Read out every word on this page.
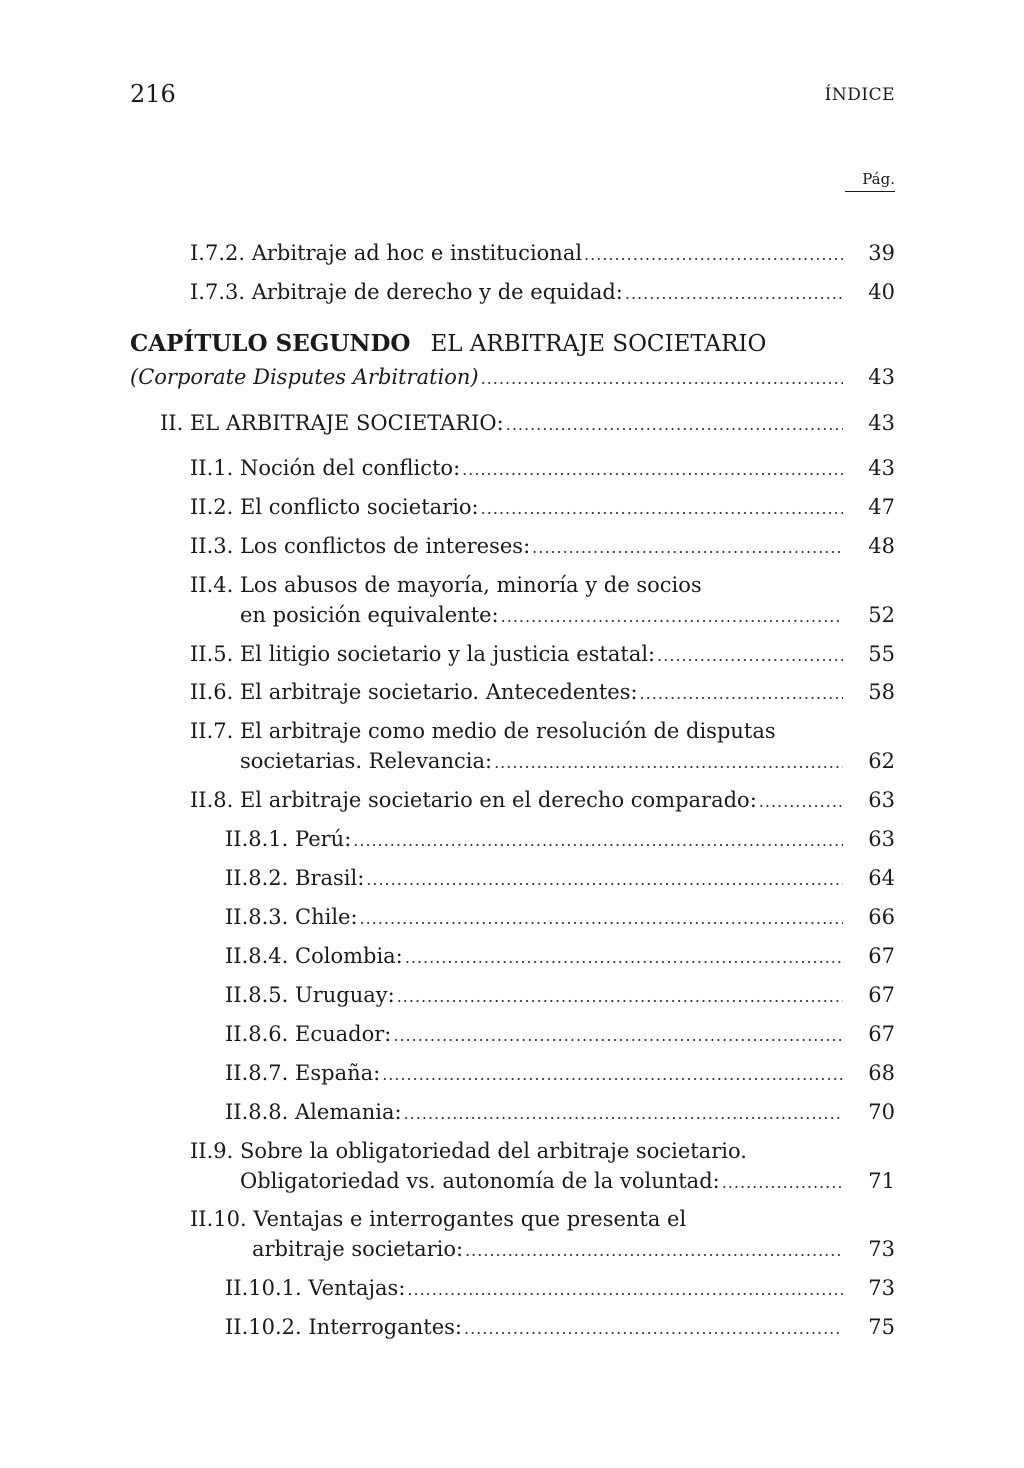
216	ÍNDICE
Pág.
I.7.2. Arbitraje ad hoc e institucional .....	39
I.7.3. Arbitraje de derecho y de equidad: .....	40
CAPÍTULO SEGUNDO EL ARBITRAJE SOCIETARIO
(Corporate Disputes Arbitration) .....	43
II. EL ARBITRAJE SOCIETARIO: .....	43
II.1. Noción del conflicto: .....	43
II.2. El conflicto societario: .....	47
II.3. Los conflictos de intereses: .....	48
II.4. Los abusos de mayoría, minoría y de socios
en posición equivalente: .....	52
II.5. El litigio societario y la justicia estatal: .....	55
II.6. El arbitraje societario. Antecedentes: .....	58
II.7. El arbitraje como medio de resolución de disputas
societarias. Relevancia: .....	62
II.8. El arbitraje societario en el derecho comparado: .....	63
II.8.1. Perú: .....	63
II.8.2. Brasil: .....	64
II.8.3. Chile: .....	66
II.8.4. Colombia: .....	67
II.8.5. Uruguay: .....	67
II.8.6. Ecuador: .....	67
II.8.7. España: .....	68
II.8.8. Alemania: .....	70
II.9. Sobre la obligatoriedad del arbitraje societario.
Obligatoriedad vs. autonomía de la voluntad: .....	71
II.10. Ventajas e interrogantes que presenta el
arbitraje societario: .....	73
II.10.1. Ventajas: .....	73
II.10.2. Interrogantes: .....	75
